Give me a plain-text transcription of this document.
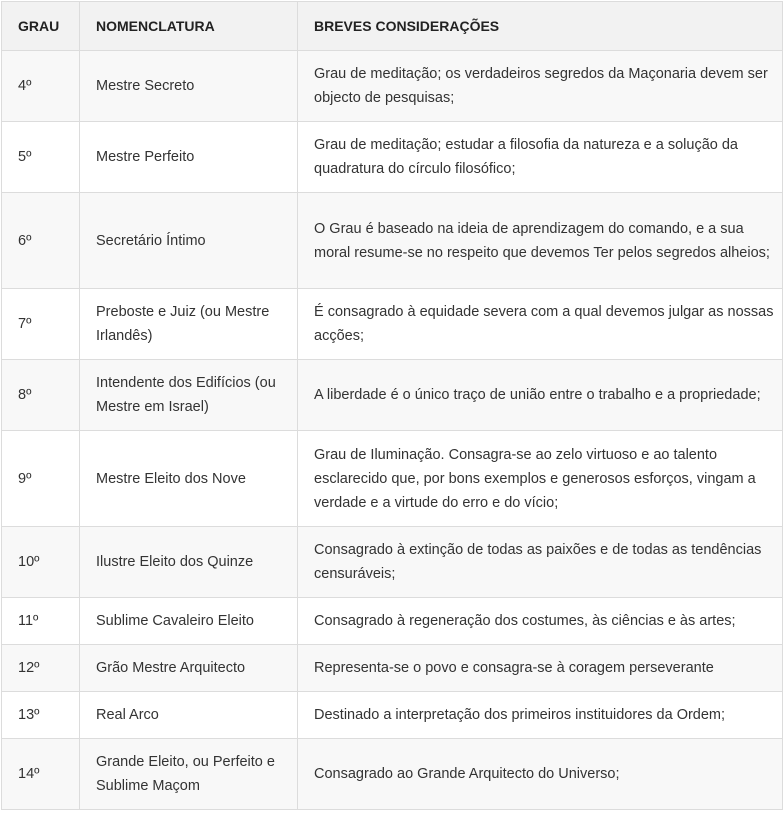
GRAU	NOMENCLATURA	BREVES CONSIDERAÇÕES
4º	Mestre Secreto	Grau de meditação; os verdadeiros segredos da Maçonaria devem ser objecto de pesquisas;
5º	Mestre Perfeito	Grau de meditação; estudar a filosofia da natureza e a solução da quadratura do círculo filosófico;
6º	Secretário Íntimo	O Grau é baseado na ideia de aprendizagem do comando, e a sua moral resume-se no respeito que devemos Ter pelos segredos alheios;
7º	Preboste e Juiz (ou Mestre Irlandês)	É consagrado à equidade severa com a qual devemos julgar as nossas acções;
8º	Intendente dos Edifícios (ou Mestre em Israel)	A liberdade é o único traço de união entre o trabalho e a propriedade;
9º	Mestre Eleito dos Nove	Grau de Iluminação. Consagra-se ao zelo virtuoso e ao talento esclarecido que, por bons exemplos e generosos esforços, vingam a verdade e a virtude do erro e do vício;
10º	Ilustre Eleito dos Quinze	Consagrado à extinção de todas as paixões e de todas as tendências censuráveis;
11º	Sublime Cavaleiro Eleito	Consagrado à regeneração dos costumes, às ciências e às artes;
12º	Grão Mestre Arquitecto	Representa-se o povo e consagra-se à coragem perseverante
13º	Real Arco	Destinado a interpretação dos primeiros instituidores da Ordem;
14º	Grande Eleito, ou Perfeito e Sublime Maçom	Consagrado ao Grande Arquitecto do Universo;
